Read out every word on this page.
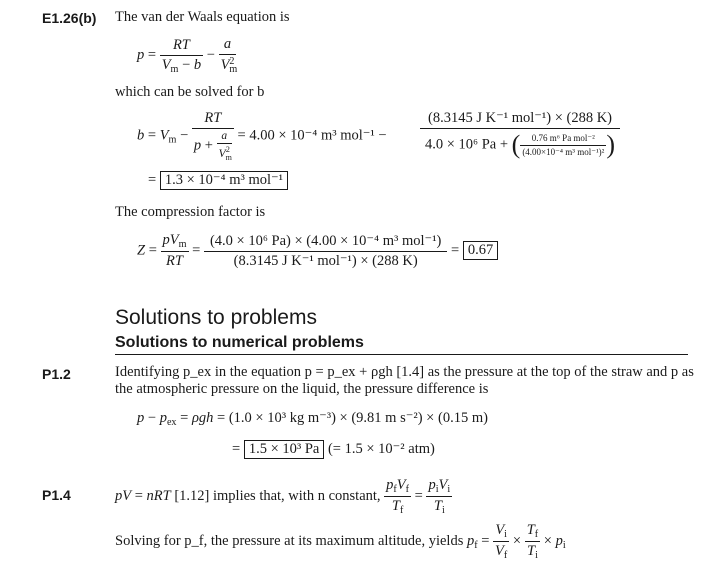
E1.26(b) The van der Waals equation is
$p = \frac{RT}{V_m - b} - \frac{a}{V_m^2}$
which can be solved for b
$b = V_m - \frac{RT}{p + \frac{a}{V_m^2}} = 4.00 \times 10^{-4}$ m³ $mol^{-1} - \frac{\text{(8.3145 J K⁻¹ mol⁻¹) × (288 K)}}{4.0 \times 10^6 Pa + ( \frac{\text{0.76 m⁶ Pa mol⁻²}}{\text{(4.00×10⁻⁴ m³ mol⁻¹)²}} )}$
= 1.3 × 10⁻⁴ m³ mol⁻¹
The compression factor is
$Z = \frac{pV_m}{RT} = \frac{\text{(4.0 × 10⁶ Pa) × (4.00 × 10⁻⁴ m³ mol⁻¹)}}{\text{(8.3145 J K⁻¹ mol⁻¹) × (288 K)}} = 0.67$
Solutions to problems
Solutions to numerical problems
P1.2	Identifying p_ex in the equation p = p_ex + ρgh [1.4] as the pressure at the top of the straw and p as
the atmospheric pressure on the liquid, the pressure difference is
$p - p_{ex} = \rho gh = (1.0 \times 10^3$ kg m⁻³) × (9.81 m s⁻²) × (0.15 m)
= 1.5 × 10³ Pa (= 1.5 × 10⁻² atm)
P1.4	pV = nRT [1.12] implies that, with n constant, $\frac{p_fV_f}{T_f} = \frac{p_iV_i}{T_i}$
Solving for p_f, the pressure at its maximum altitude, yields $p_f = \frac{V_i}{V_f} \times \frac{T_f}{T_i} \times p_i$
